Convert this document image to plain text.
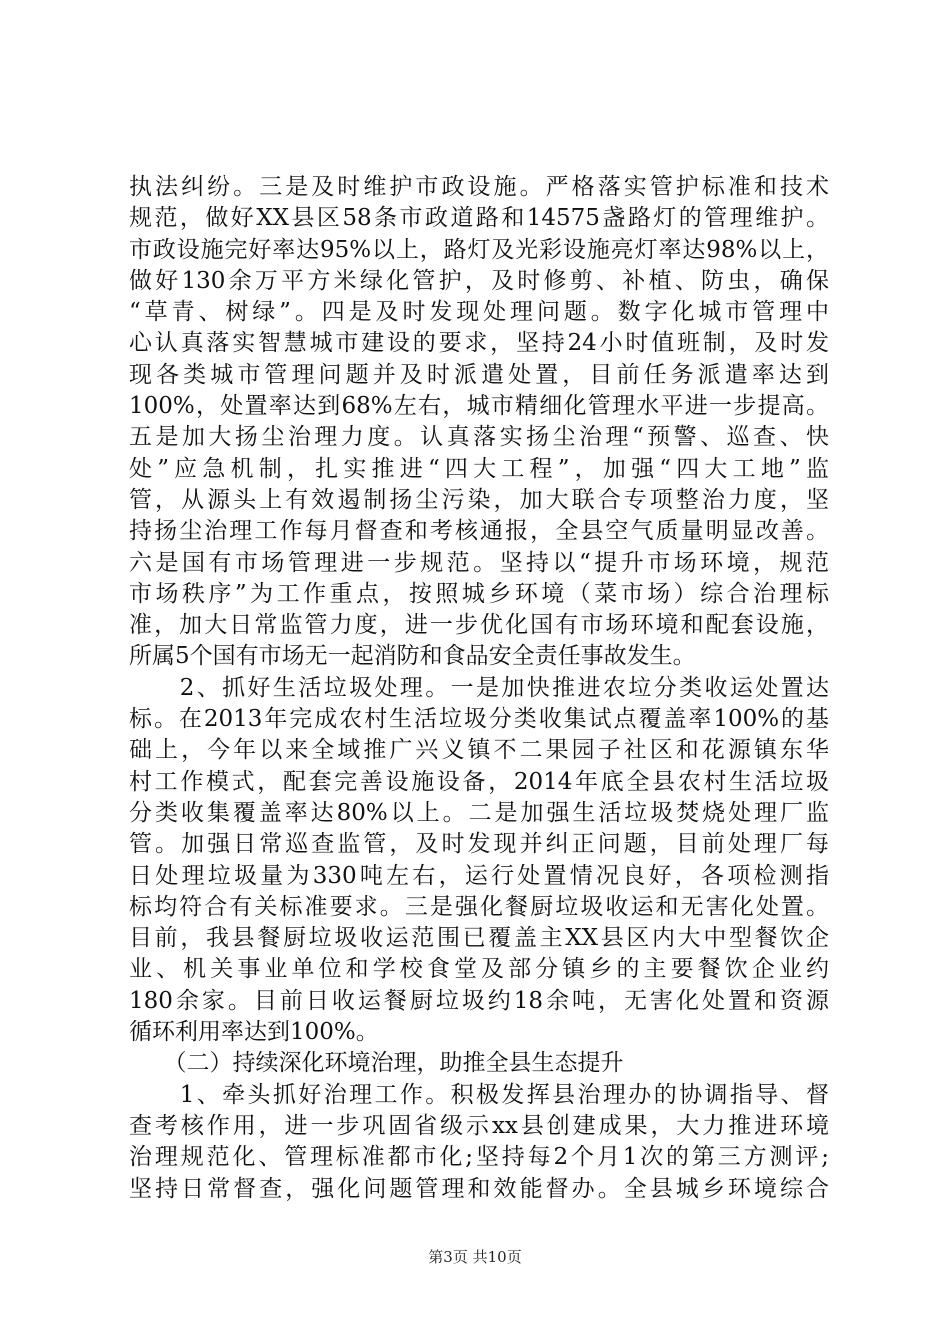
执法纠纷。三是及时维护市政设施。严格落实管护标准和技术
规范，做好XX县区58条市政道路和14575盏路灯的管理维护。
市政设施完好率达95%以上，路灯及光彩设施亮灯率达98%以上，
做好130余万平方米绿化管护，及时修剪、补植、防虫，确保
“草青、树绿”。四是及时发现处理问题。数字化城市管理中
心认真落实智慧城市建设的要求，坚持24小时值班制，及时发
现各类城市管理问题并及时派遣处置，目前任务派遣率达到
100%，处置率达到68%左右，城市精细化管理水平进一步提高。
五是加大扬尘治理力度。认真落实扬尘治理“预警、巡查、快
处”应急机制，扎实推进“四大工程”，加强“四大工地”监
管，从源头上有效遏制扬尘污染，加大联合专项整治力度，坚
持扬尘治理工作每月督查和考核通报，全县空气质量明显改善。
六是国有市场管理进一步规范。坚持以“提升市场环境，规范
市场秩序”为工作重点，按照城乡环境（菜市场）综合治理标
准，加大日常监管力度，进一步优化国有市场环境和配套设施，
所属5个国有市场无一起消防和食品安全责任事故发生。
　　2、抓好生活垃圾处理。一是加快推进农垃分类收运处置达
标。在2013年完成农村生活垃圾分类收集试点覆盖率100%的基
础上，今年以来全域推广兴义镇不二果园子社区和花源镇东华
村工作模式，配套完善设施设备，2014年底全县农村生活垃圾
分类收集覆盖率达80%以上。二是加强生活垃圾焚烧处理厂监
管。加强日常巡查监管，及时发现并纠正问题，目前处理厂每
日处理垃圾量为330吨左右，运行处置情况良好，各项检测指
标均符合有关标准要求。三是强化餐厨垃圾收运和无害化处置。
目前，我县餐厨垃圾收运范围已覆盖主XX县区内大中型餐饮企
业、机关事业单位和学校食堂及部分镇乡的主要餐饮企业约
180余家。目前日收运餐厨垃圾约18余吨，无害化处置和资源
循环利用率达到100%。
　　（二）持续深化环境治理，助推全县生态提升
　　1、牵头抓好治理工作。积极发挥县治理办的协调指导、督
查考核作用，进一步巩固省级示xx县创建成果，大力推进环境
治理规范化、管理标准都市化;坚持每2个月1次的第三方测评;
坚持日常督查，强化问题管理和效能督办。全县城乡环境综合
第3页 共10页
